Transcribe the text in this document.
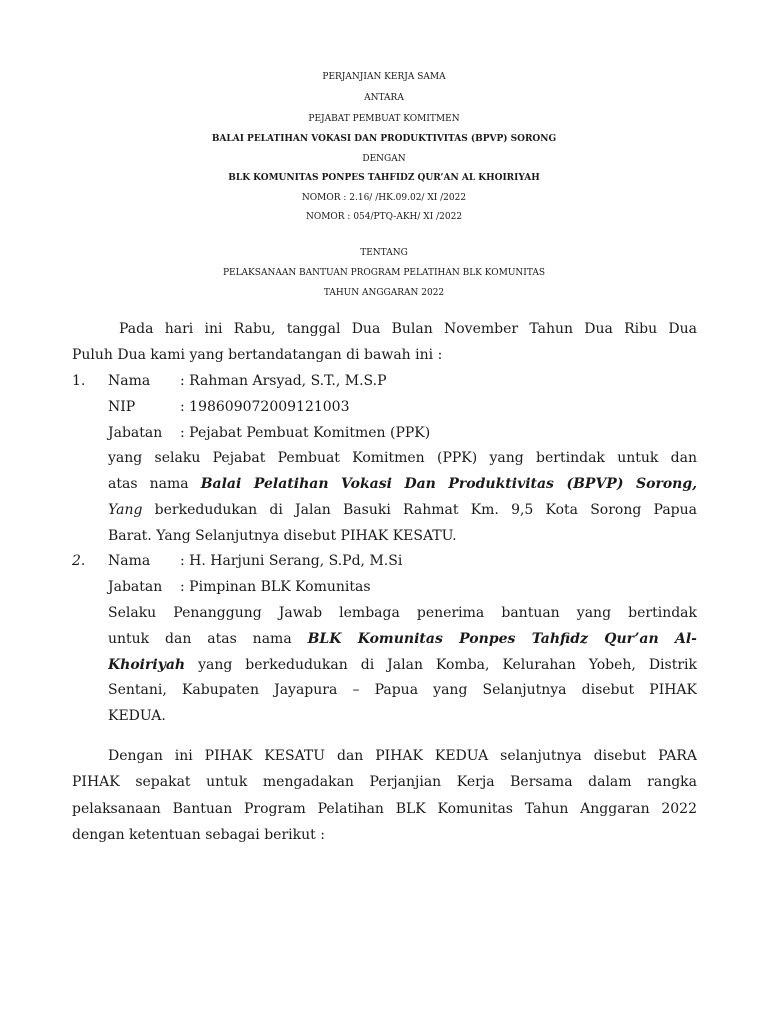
PERJANJIAN KERJA SAMA
ANTARA
PEJABAT PEMBUAT KOMITMEN
BALAI PELATIHAN VOKASI DAN PRODUKTIVITAS (BPVP) SORONG
DENGAN
BLK KOMUNITAS PONPES TAHFIDZ QUR’AN AL KHOIRIYAH
NOMOR : 2.16/ /HK.09.02/ XI /2022
NOMOR : 054/PTQ-AKH/ XI /2022
TENTANG
PELAKSANAAN BANTUAN PROGRAM PELATIHAN BLK KOMUNITAS
TAHUN ANGGARAN 2022
Pada hari ini Rabu, tanggal Dua Bulan November Tahun Dua Ribu Dua
Puluh Dua kami yang bertandatangan di bawah ini :
1. Nama : Rahman Arsyad, S.T., M.S.P
NIP	: 198609072009121003
Jabatan : Pejabat Pembuat Komitmen (PPK)
yang selaku Pejabat Pembuat Komitmen (PPK) yang bertindak untuk dan
atas nama Balai Pelatihan Vokasi Dan Produktivitas (BPVP) Sorong,
Yang berkedudukan di Jalan Basuki Rahmat Km. 9,5 Kota Sorong Papua
Barat. Yang Selanjutnya disebut PIHAK KESATU.
2. Nama : H. Harjuni Serang, S.Pd, M.Si
Jabatan : Pimpinan BLK Komunitas
Selaku Penanggung Jawab lembaga penerima bantuan yang bertindak
untuk dan atas nama BLK Komunitas Ponpes Tahfidz Qur’an Al-
Khoiriyah yang berkedudukan di Jalan Komba, Kelurahan Yobeh, Distrik
Sentani, Kabupaten Jayapura – Papua yang Selanjutnya disebut PIHAK
KEDUA.
Dengan ini PIHAK KESATU dan PIHAK KEDUA selanjutnya disebut PARA
PIHAK sepakat untuk mengadakan Perjanjian Kerja Bersama dalam rangka
pelaksanaan Bantuan Program Pelatihan BLK Komunitas Tahun Anggaran 2022
dengan ketentuan sebagai berikut :
